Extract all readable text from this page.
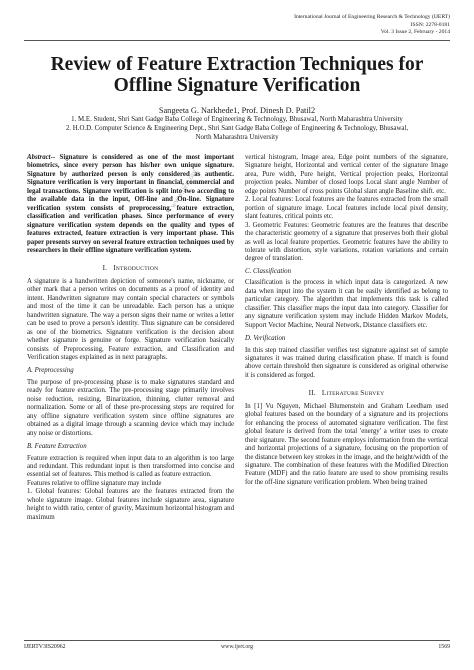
International Journal of Engineering Research & Technology (IJERT)
ISSN: 2278-0181
Vol. 3 Issue 2, February - 2014
Review of Feature Extraction Techniques for
Offline Signature Verification
Sangeeta G. Narkhede1, Prof. Dinesh D. Patil2
1. M.E. Student, Shri Sant Gadge Baba College of Engineering & Technology, Bhusawal, North Maharashtra University
2. H.O.D. Computer Science & Engineering Dept., Shri Sant Gadge Baba College of Engineering & Technology, Bhusawal,
North Maharashtra University
www.ijert.org

Abstract-- Signature is considered as one of the most important biometrics, since every person has his/her own unique signature. Signature by authorized person is only considered as authentic. Signature verification is very important in financial, commercial and legal transactions. Signature verification is split into two according to the available data in the input, Off-line and On-line. Signature verification system consists of preprocessing, feature extraction, classification and verification phases. Since performance of every signature verification system depends on the quality and types of features extracted, feature extraction is very important phase. This paper presents survey on several feature extraction techniques used by researchers in their offline signature verification system.

I. INTRODUCTION

A signature is a handwritten depiction of someone's name, nickname, or other mark that a person writes on documents as a proof of identity and intent. Handwritten signature may contain special characters or symbols and most of the time it can be unreadable. Each person has a unique handwritten signature. The way a person signs their name or writes a letter can be used to prove a person's identity. Thus signature can be considered as one of the biometrics. Signature verification is the decision about whether signature is genuine or forge. Signature verification basically consists of Preprocessing, Feature extraction, and Classification and Verification stages explained as in next paragraphs.

A. Preprocessing

The purpose of pre-processing phase is to make signatures standard and ready for feature extraction. The pre-processing stage primarily involves noise reduction, resizing, Binarization, thinning, clutter removal and normalization. Some or all of these pre-processing steps are required for any offline signature verification system since offline signatures are obtained as a digital image through a scanning device which may include any noise or distortions.

B. Feature Extraction

Feature extraction is required when input data to an algorithm is too large and redundant. This redundant input is then transformed into concise and essential set of features. This method is called as feature extraction.

Features relative to offline signature may include

1. Global features: Global features are the features extracted from the whole signature image. Global features include signature area, signature height to width ratio, center of gravity, Maximum horizontal histogram and maximum

vertical histogram, Image area, Edge point numbers of the signature, Signature height, Horizontal and vertical center of the signature Image area, Pure width, Pure height, Vertical projection peaks, Horizontal projection peaks. Number of closed loops Local slant angle Number of edge points Number of cross points Global slant angle Baseline shift. etc.

2. Local features: Local features are the features extracted from the small portion of signature image. Local features include local pixel density, slant features, critical points etc.

3. Geometric Features: Geometric features are the features that describe the characteristic geometry of a signature that preserves both their global as well as local feature properties. Geometric features have the ability to tolerate with distortion, style variations, rotation variations and certain degree of translation.

C. Classification

Classification is the process in which input data is categorized. A new data when input into the system it can be easily identified as belong to particular category. The algorithm that implements this task is called classifier. This classifier maps the input data into category. Classifier for any signature verification system may include Hidden Markov Models, Support Vector Machine, Neural Network, Distance classifiers etc.

D. Verification

In this step trained classifier verifies test signature against set of sample signatures it was trained during classification phase. If match is found above certain threshold then signature is considered as original otherwise it is considered as forged.

II. LITERATURE SURVEY

In [1] Vu Nguyen, Michael Blumenstein and Graham Leedham used global features based on the boundary of a signature and its projections for enhancing the process of automated signature verification. The first global feature is derived from the total 'energy' a writer uses to create their signature. The second feature employs information from the vertical and horizontal projections of a signature, focusing on the proportion of the distance between key strokes in the image, and the height/width of the signature. The combination of these features with the Modified Direction Feature (MDF) and the ratio feature are used to show promising results for the off-line signature verification problem. When being trained

IJERTV3IS20962	www.ijert.org	1569
